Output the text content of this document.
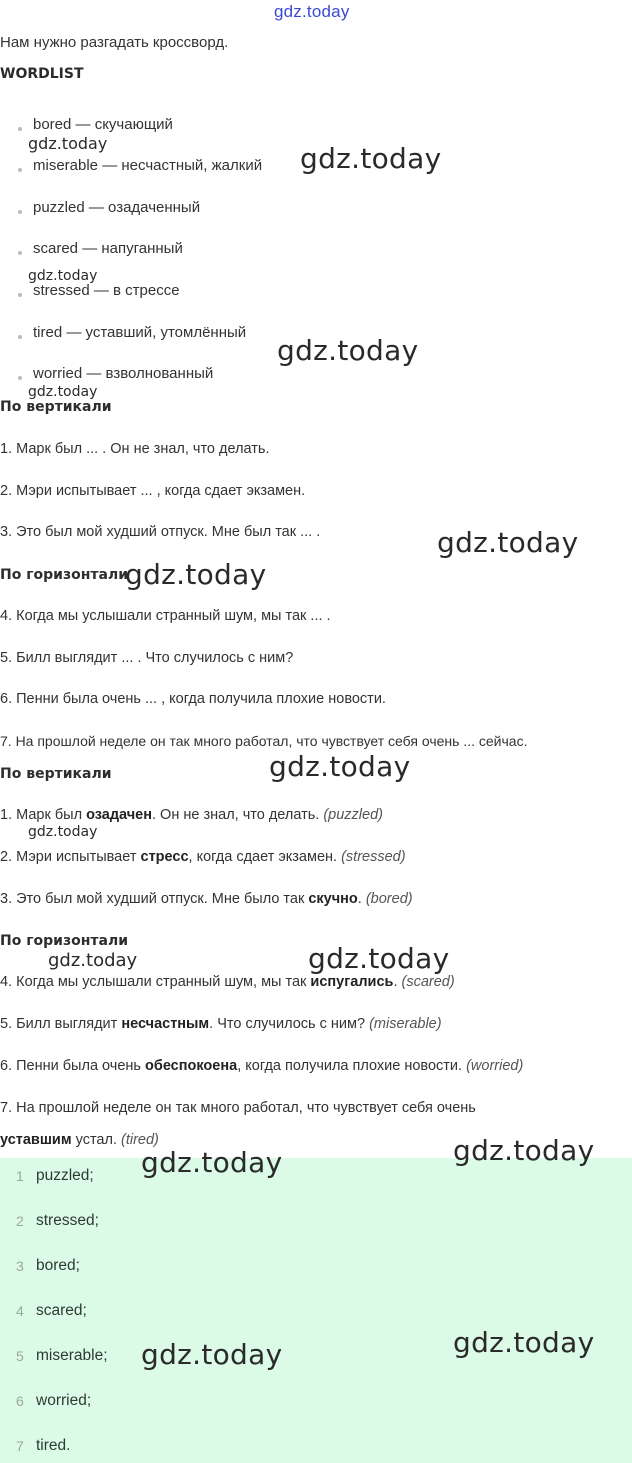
gdz.today
Нам нужно разгадать кроссворд.
WORDLIST
bored — скучающий
miserable — несчастный, жалкий
puzzled — озадаченный
scared — напуганный
stressed — в стрессе
tired — уставший, утомлённый
worried — взволнованный
По вертикали
1. Марк был ... . Он не знал, что делать.
2. Мэри испытывает ... , когда сдает экзамен.
3. Это был мой худший отпуск. Мне был так ... .
По горизонтали
4. Когда мы услышали странный шум, мы так ... .
5. Билл выглядит ... . Что случилось с ним?
6. Пенни была очень ... , когда получила плохие новости.
7. На прошлой неделе он так много работал, что чувствует себя очень ... сейчас.
По вертикали
1. Марк был озадачен. Он не знал, что делать. (puzzled)
2. Мэри испытывает стресс, когда сдает экзамен. (stressed)
3. Это был мой худший отпуск. Мне было так скучно. (bored)
По горизонтали
4. Когда мы услышали странный шум, мы так испугались. (scared)
5. Билл выглядит несчастным. Что случилось с ним? (miserable)
6. Пенни была очень обеспокоена, когда получила плохие новости. (worried)
7. На прошлой неделе он так много работал, что чувствует себя очень
уставшим устал. (tired)
1 puzzled;
2 stressed;
3 bored;
4 scared;
5 miserable;
6 worried;
7 tired.
gdz.today	gdz.today
gdz.today
gdz.today
gdz.today
gdz.today
gdz.today
gdz.today
gdz.today
gdz.today	gdz.today
gdz.today
gdz.today
gdz.today
gdz.today
